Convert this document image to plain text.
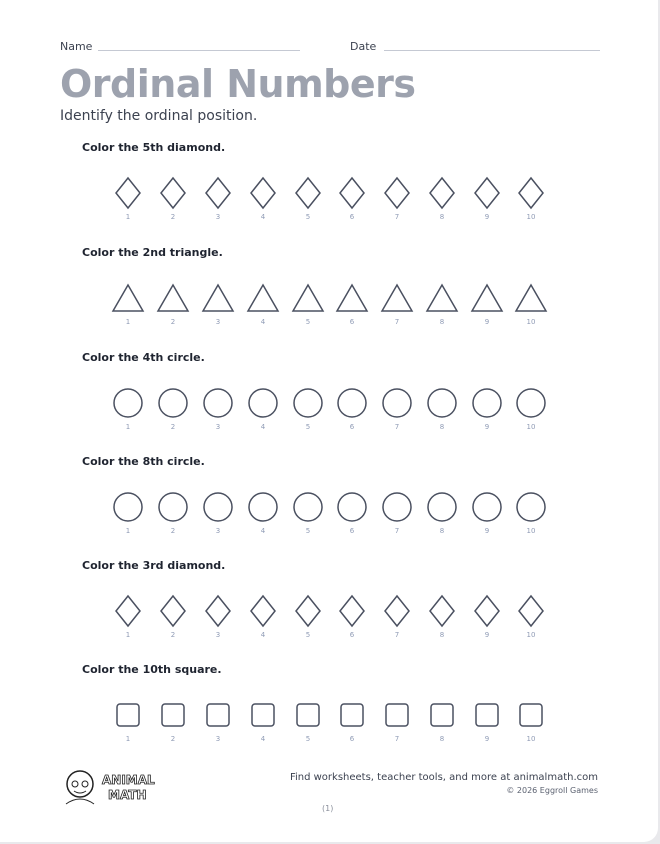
Name	Date
Ordinal Numbers
Identify the ordinal position.
Color the 5th diamond.
1	2	3	4	5	6	7	8	9	10
Color the 2nd triangle.
1	2	3	4	5	6	7	8	9	10
Color the 4th circle.
1	2	3	4	5	6	7	8	9	10
Color the 8th circle.
1	2	3	4	5	6	7	8	9	10
Color the 3rd diamond.
1	2	3	4	5	6	7	8	9	10
Color the 10th square.
1	2	3	4	5	6	7	8	9	10
ANIMAL
MATH
Find worksheets, teacher tools, and more at animalmath.com
© 2026 Eggroll Games
(1)
